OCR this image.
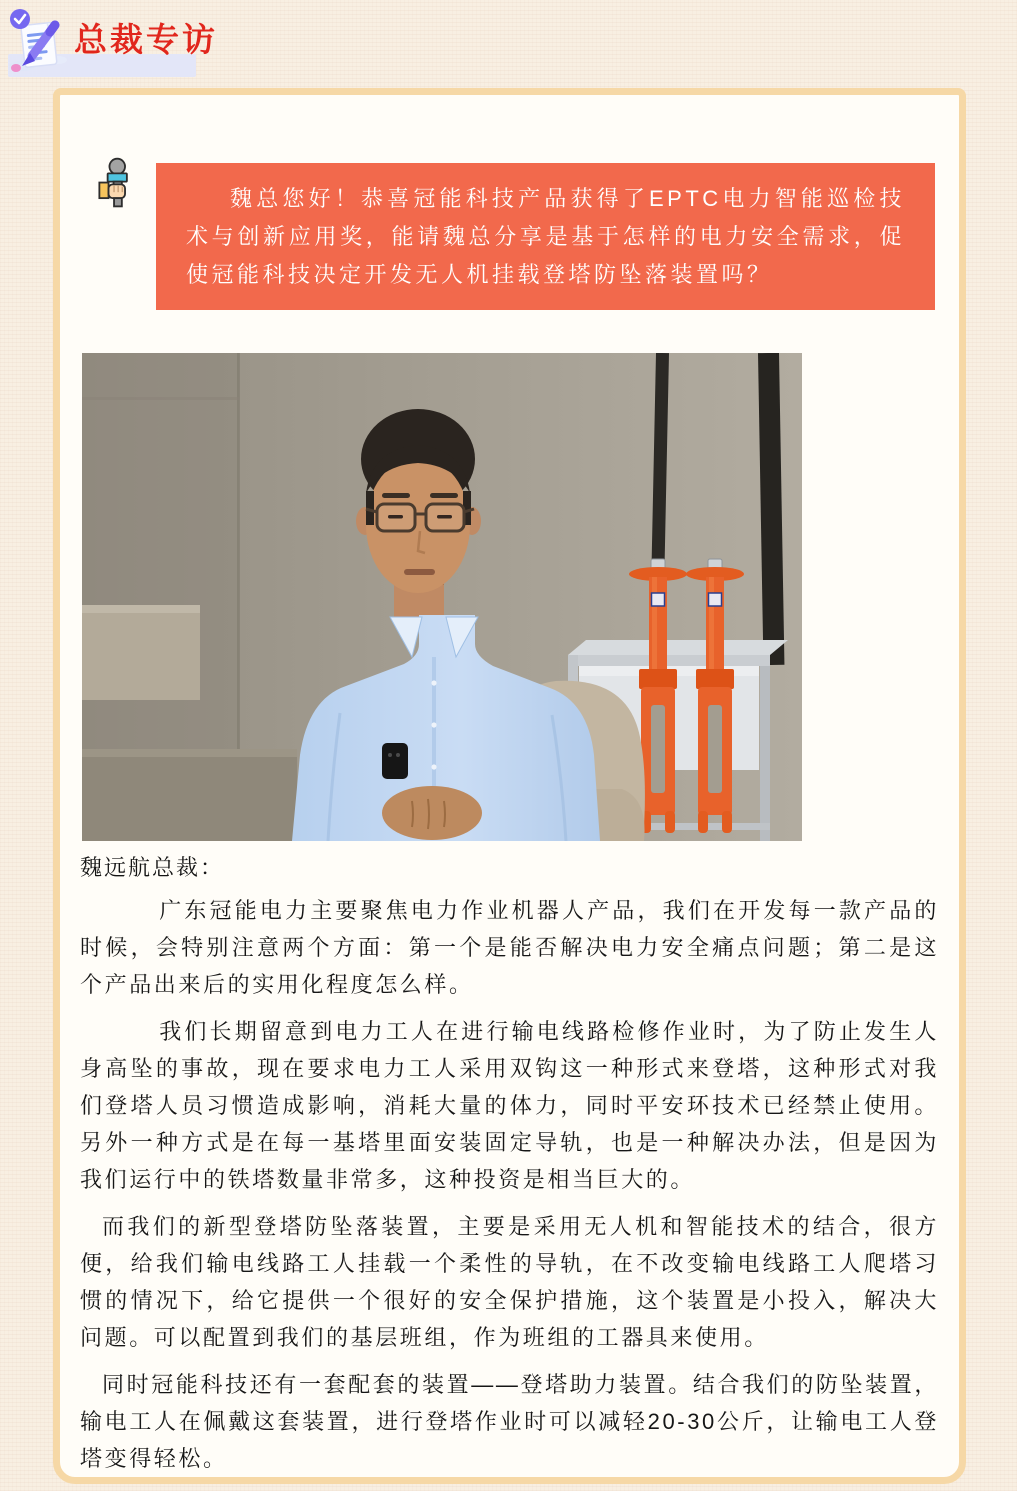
总裁专访

魏总您好！恭喜冠能科技产品获得了EPTC电力智能巡检技术与创新应用奖，能请魏总分享是基于怎样的电力安全需求，促使冠能科技决定开发无人机挂载登塔防坠落装置吗？

魏远航总裁：

广东冠能电力主要聚焦电力作业机器人产品，我们在开发每一款产品的时候，会特别注意两个方面：第一个是能否解决电力安全痛点问题；第二是这个产品出来后的实用化程度怎么样。

我们长期留意到电力工人在进行输电线路检修作业时，为了防止发生人身高坠的事故，现在要求电力工人采用双钩这一种形式来登塔，这种形式对我们登塔人员习惯造成影响，消耗大量的体力，同时平安环技术已经禁止使用。另外一种方式是在每一基塔里面安装固定导轨，也是一种解决办法，但是因为我们运行中的铁塔数量非常多，这种投资是相当巨大的。

而我们的新型登塔防坠落装置，主要是采用无人机和智能技术的结合，很方便，给我们输电线路工人挂载一个柔性的导轨，在不改变输电线路工人爬塔习惯的情况下，给它提供一个很好的安全保护措施，这个装置是小投入，解决大问题。可以配置到我们的基层班组，作为班组的工器具来使用。

同时冠能科技还有一套配套的装置——登塔助力装置。结合我们的防坠装置，输电工人在佩戴这套装置，进行登塔作业时可以减轻20-30公斤，让输电工人登塔变得轻松。
